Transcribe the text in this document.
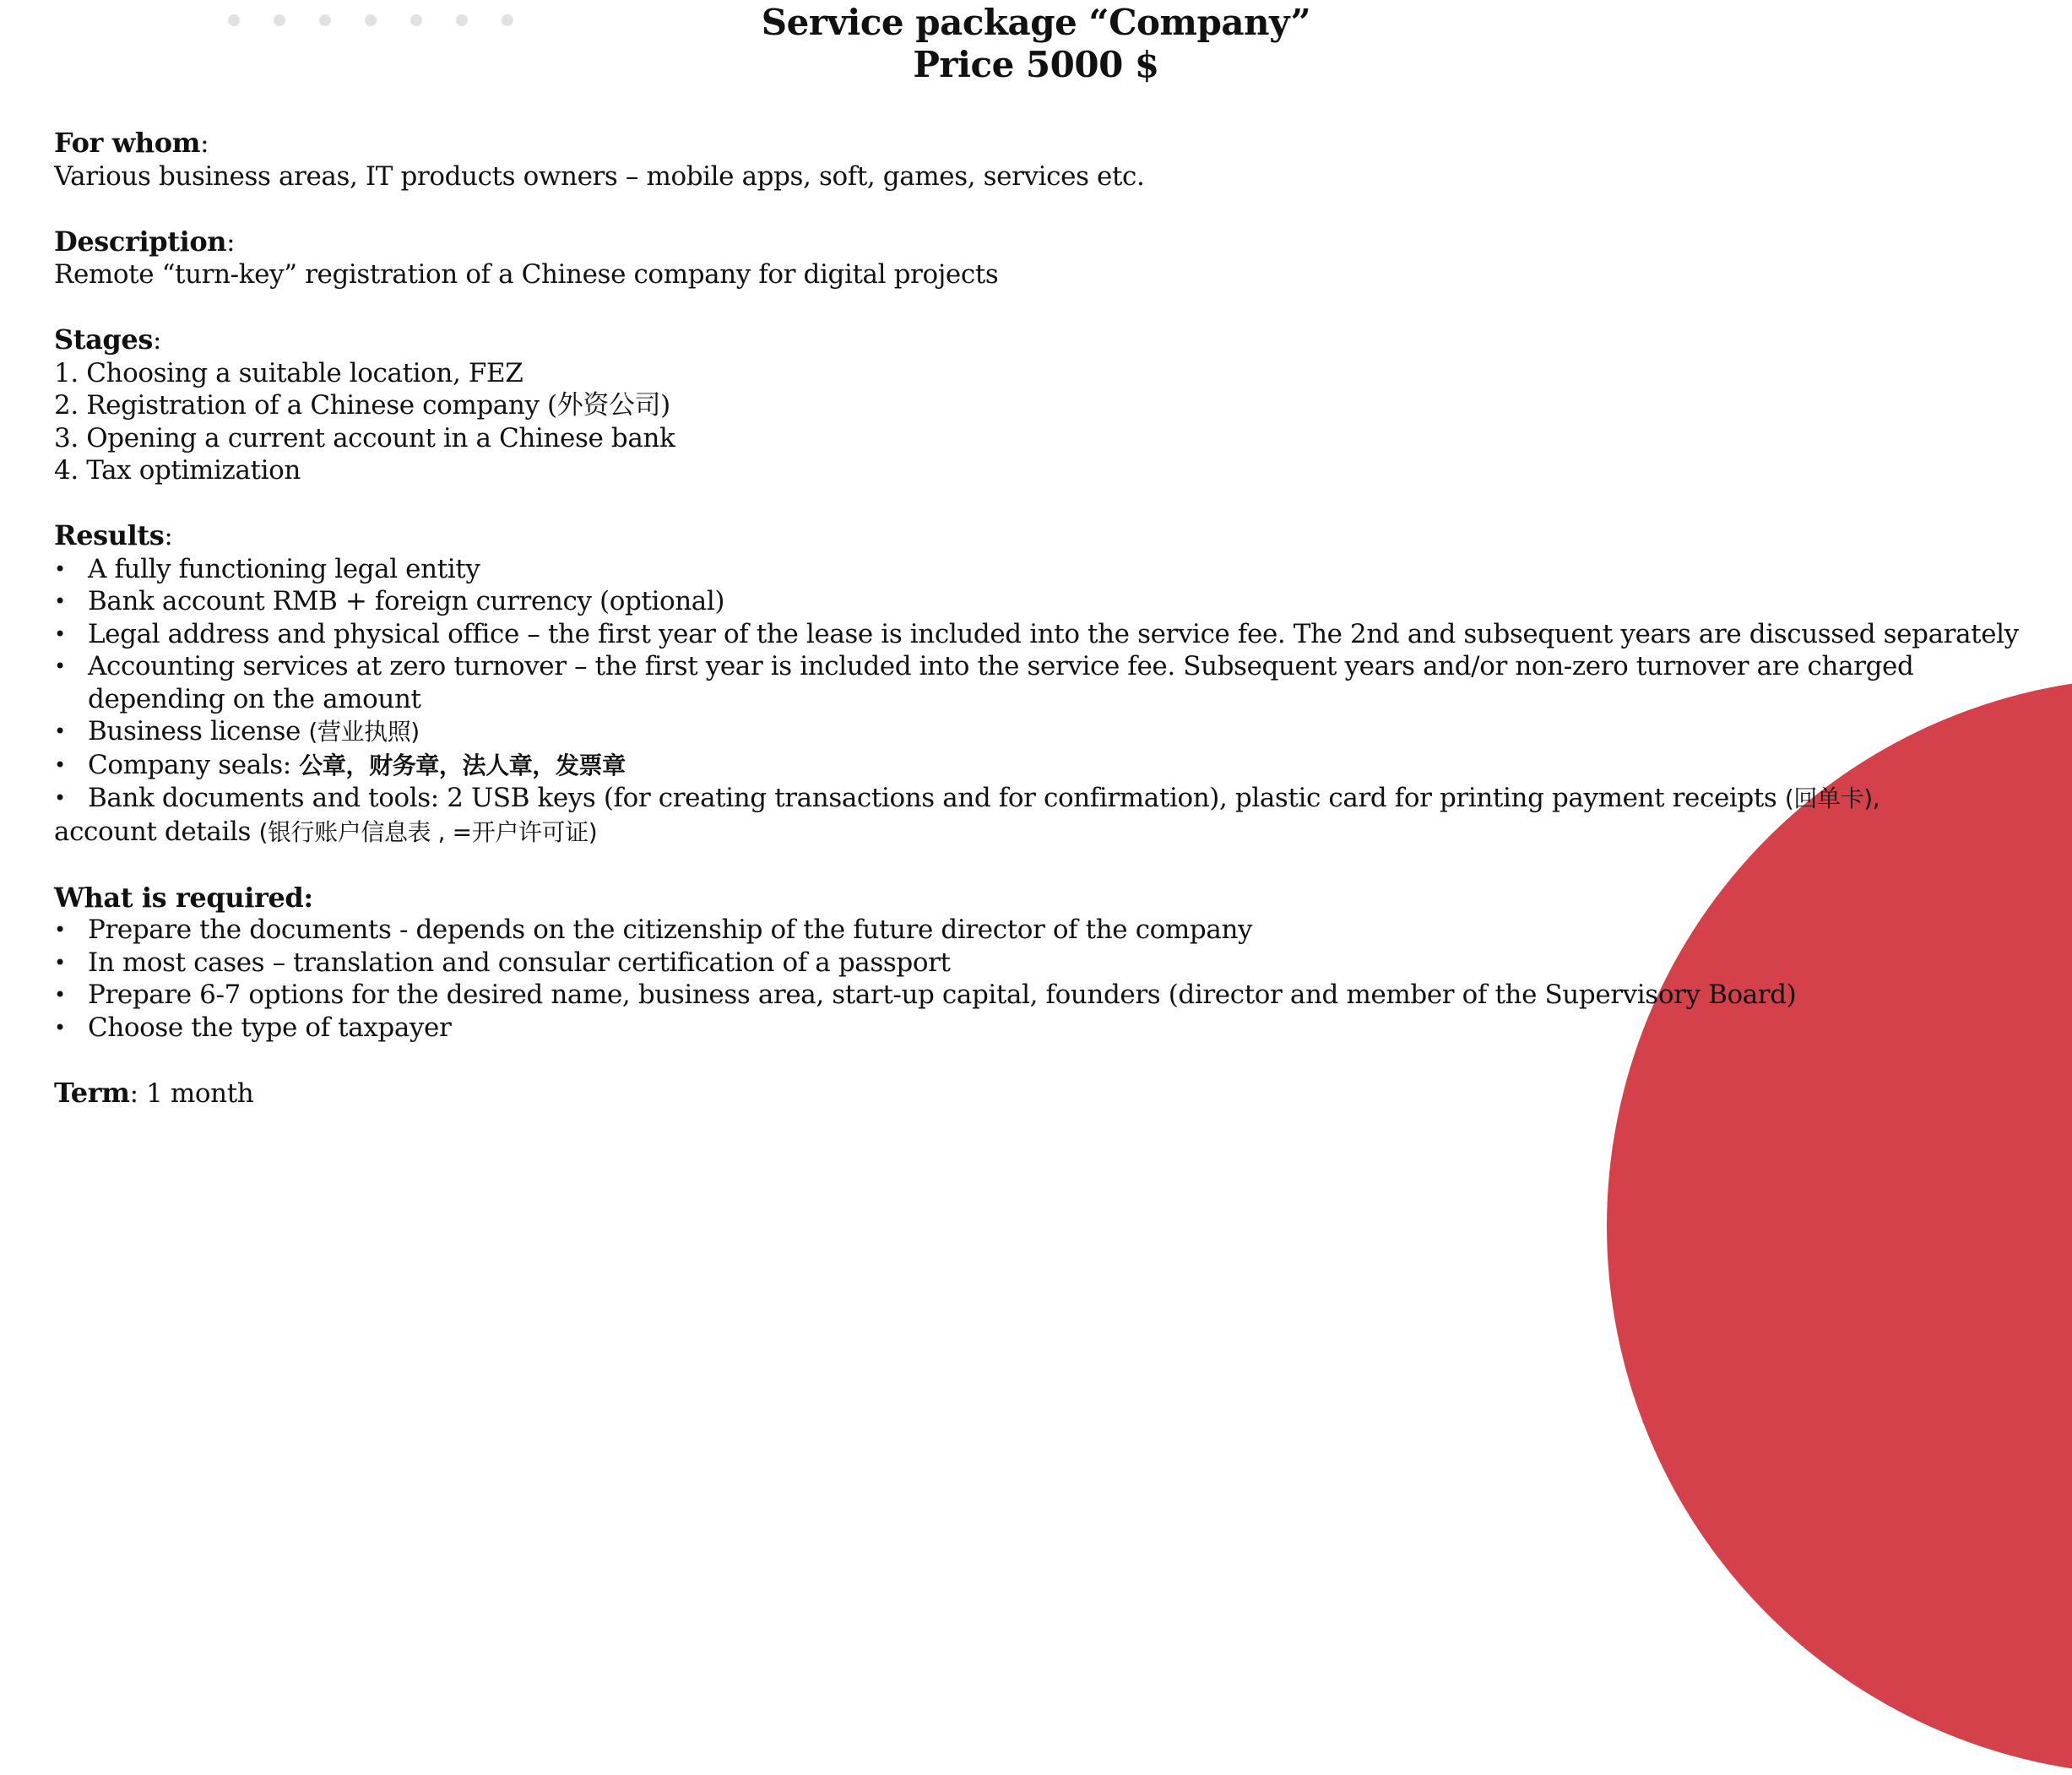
Service package “Company”
Price 5000 $

For whom:

Various business areas, IT products owners – mobile apps, soft, games, services etc.

Description:

Remote “turn-key” registration of a Chinese company for digital projects

Stages:

1. Choosing a suitable location, FEZ

2. Registration of a Chinese company (外资公司)

3. Opening a current account in a Chinese bank

4. Tax optimization

Results:

• A fully functioning legal entity
• Bank account RMB + foreign currency (optional)
• Legal address and physical office – the first year of the lease is included into the service fee. The 2nd and subsequent years are discussed separately
• Accounting services at zero turnover – the first year is included into the service fee. Subsequent years and/or non-zero turnover are charged depending on the amount
• Business license (营业执照)
• Company seals: 公章，财务章，法人章，发票章
• Bank documents and tools: 2 USB keys (for creating transactions and for confirmation), plastic card for printing payment receipts (回单卡),

account details (银行账户信息表 , =开户许可证)

What is required:

• Prepare the documents - depends on the citizenship of the future director of the company
• In most cases – translation and consular certification of a passport
• Prepare 6-7 options for the desired name, business area, start-up capital, founders (director and member of the Supervisory Board)
• Choose the type of taxpayer

Term: 1 month
